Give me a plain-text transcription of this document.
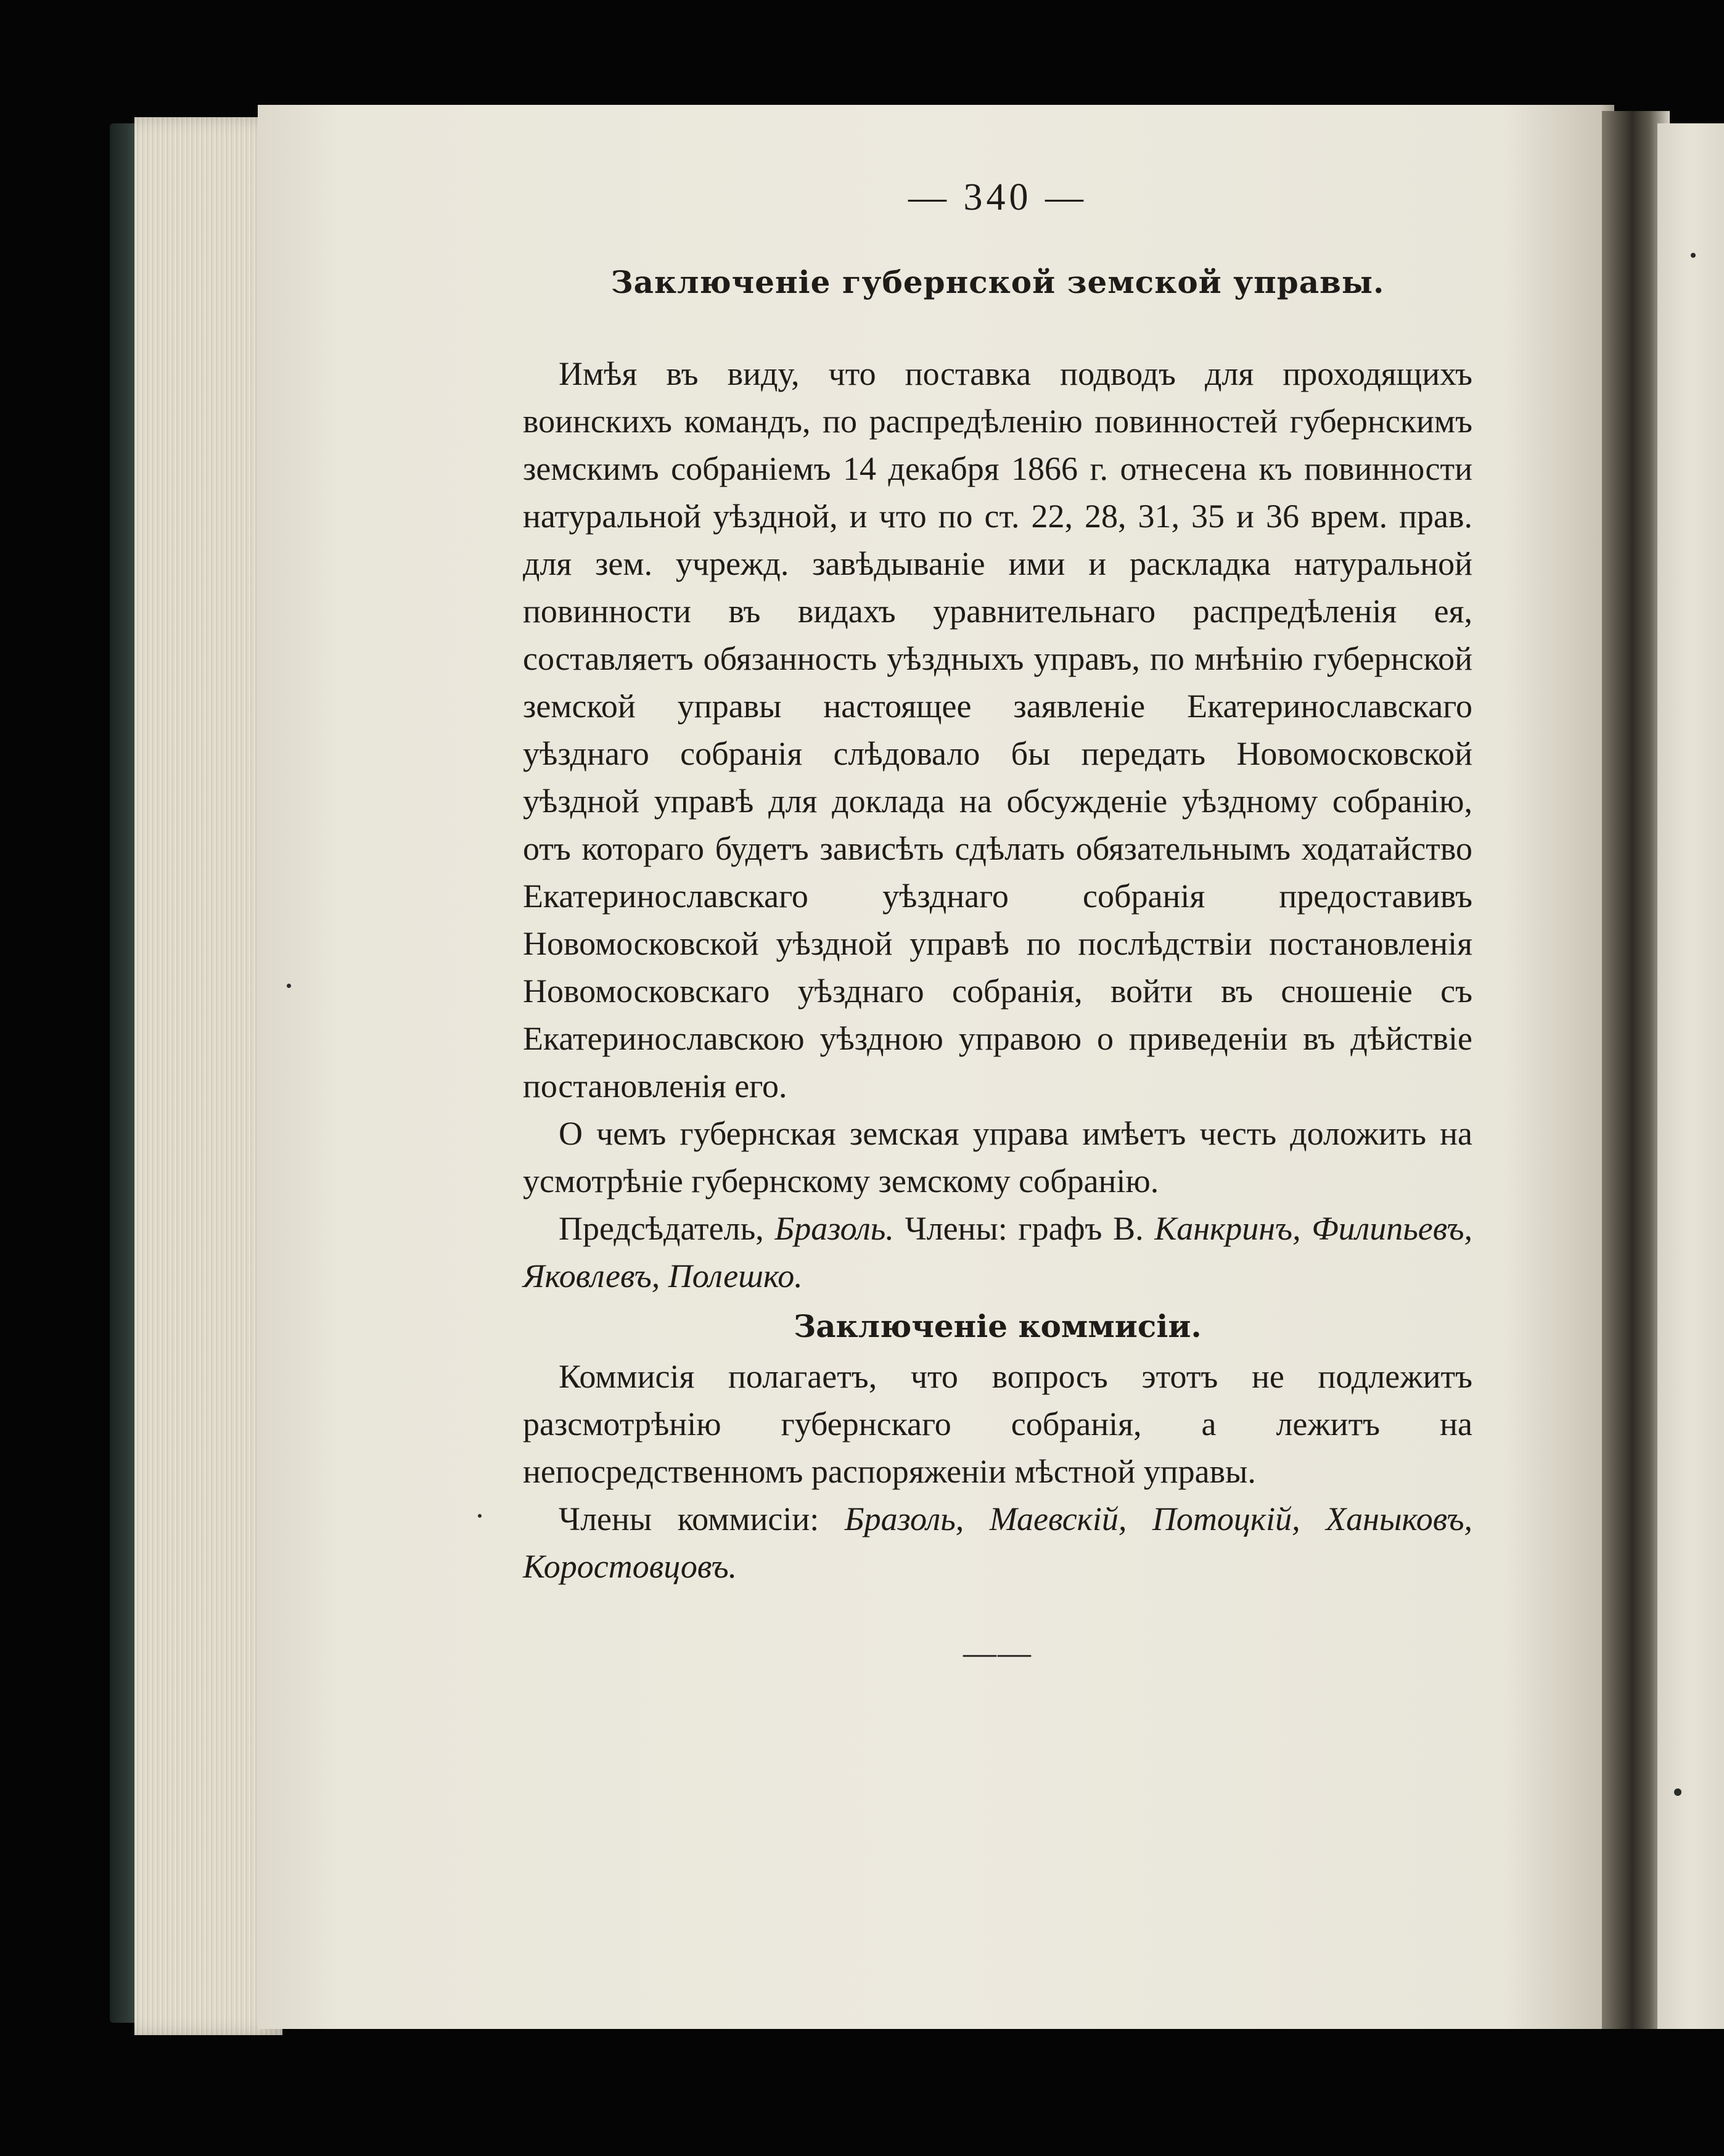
— 340 —
Заключенiе губернской земской управы.

Имѣя въ виду, что поставка подводъ для проходящихъ воинскихъ командъ, по распредѣленiю повинностей губернскимъ земскимъ собранiемъ 14 декабря 1866 г. отнесена къ повинности натуральной уѣздной, и что по ст. 22, 28, 31, 35 и 36 врем. прав. для зем. учрежд. завѣдыванiе ими и раскладка натуральной повинности въ видахъ уравнительнаго распредѣленiя ея, составляетъ обязанность уѣздныхъ управъ, по мнѣнiю губернской земской управы настоящее заявленiе Екатеринославскаго уѣзднаго собранiя слѣдовало бы передать Новомосковской уѣздной управѣ для доклада на обсужденiе уѣздному собранiю, отъ котораго будетъ зависѣть сдѣлать обязательнымъ ходатайство Екатеринославскаго уѣзднаго собранiя предоставивъ Новомосковской уѣздной управѣ по послѣдствiи постановленiя Новомосковскаго уѣзднаго собранiя, войти въ сношенiе съ Екатеринославскою уѣздною управою о приведенiи въ дѣйствiе постановленiя его.

О чемъ губернская земская управа имѣетъ честь доложить на усмотрѣнiе губернскому земскому собранiю.

Предсѣдатель, Бразоль. Члены: графъ В. Канкринъ, Филипьевъ, Яковлевъ, Полешко.

Заключенiе коммисiи.

Коммисiя полагаетъ, что вопросъ этотъ не подлежитъ разсмотрѣнiю губернскаго собранiя, а лежитъ на непосредственномъ распоряженiи мѣстной управы.

Члены коммисiи: Бразоль, Маевскiй, Потоцкiй, Ханыковъ, Коростовцовъ.

——
